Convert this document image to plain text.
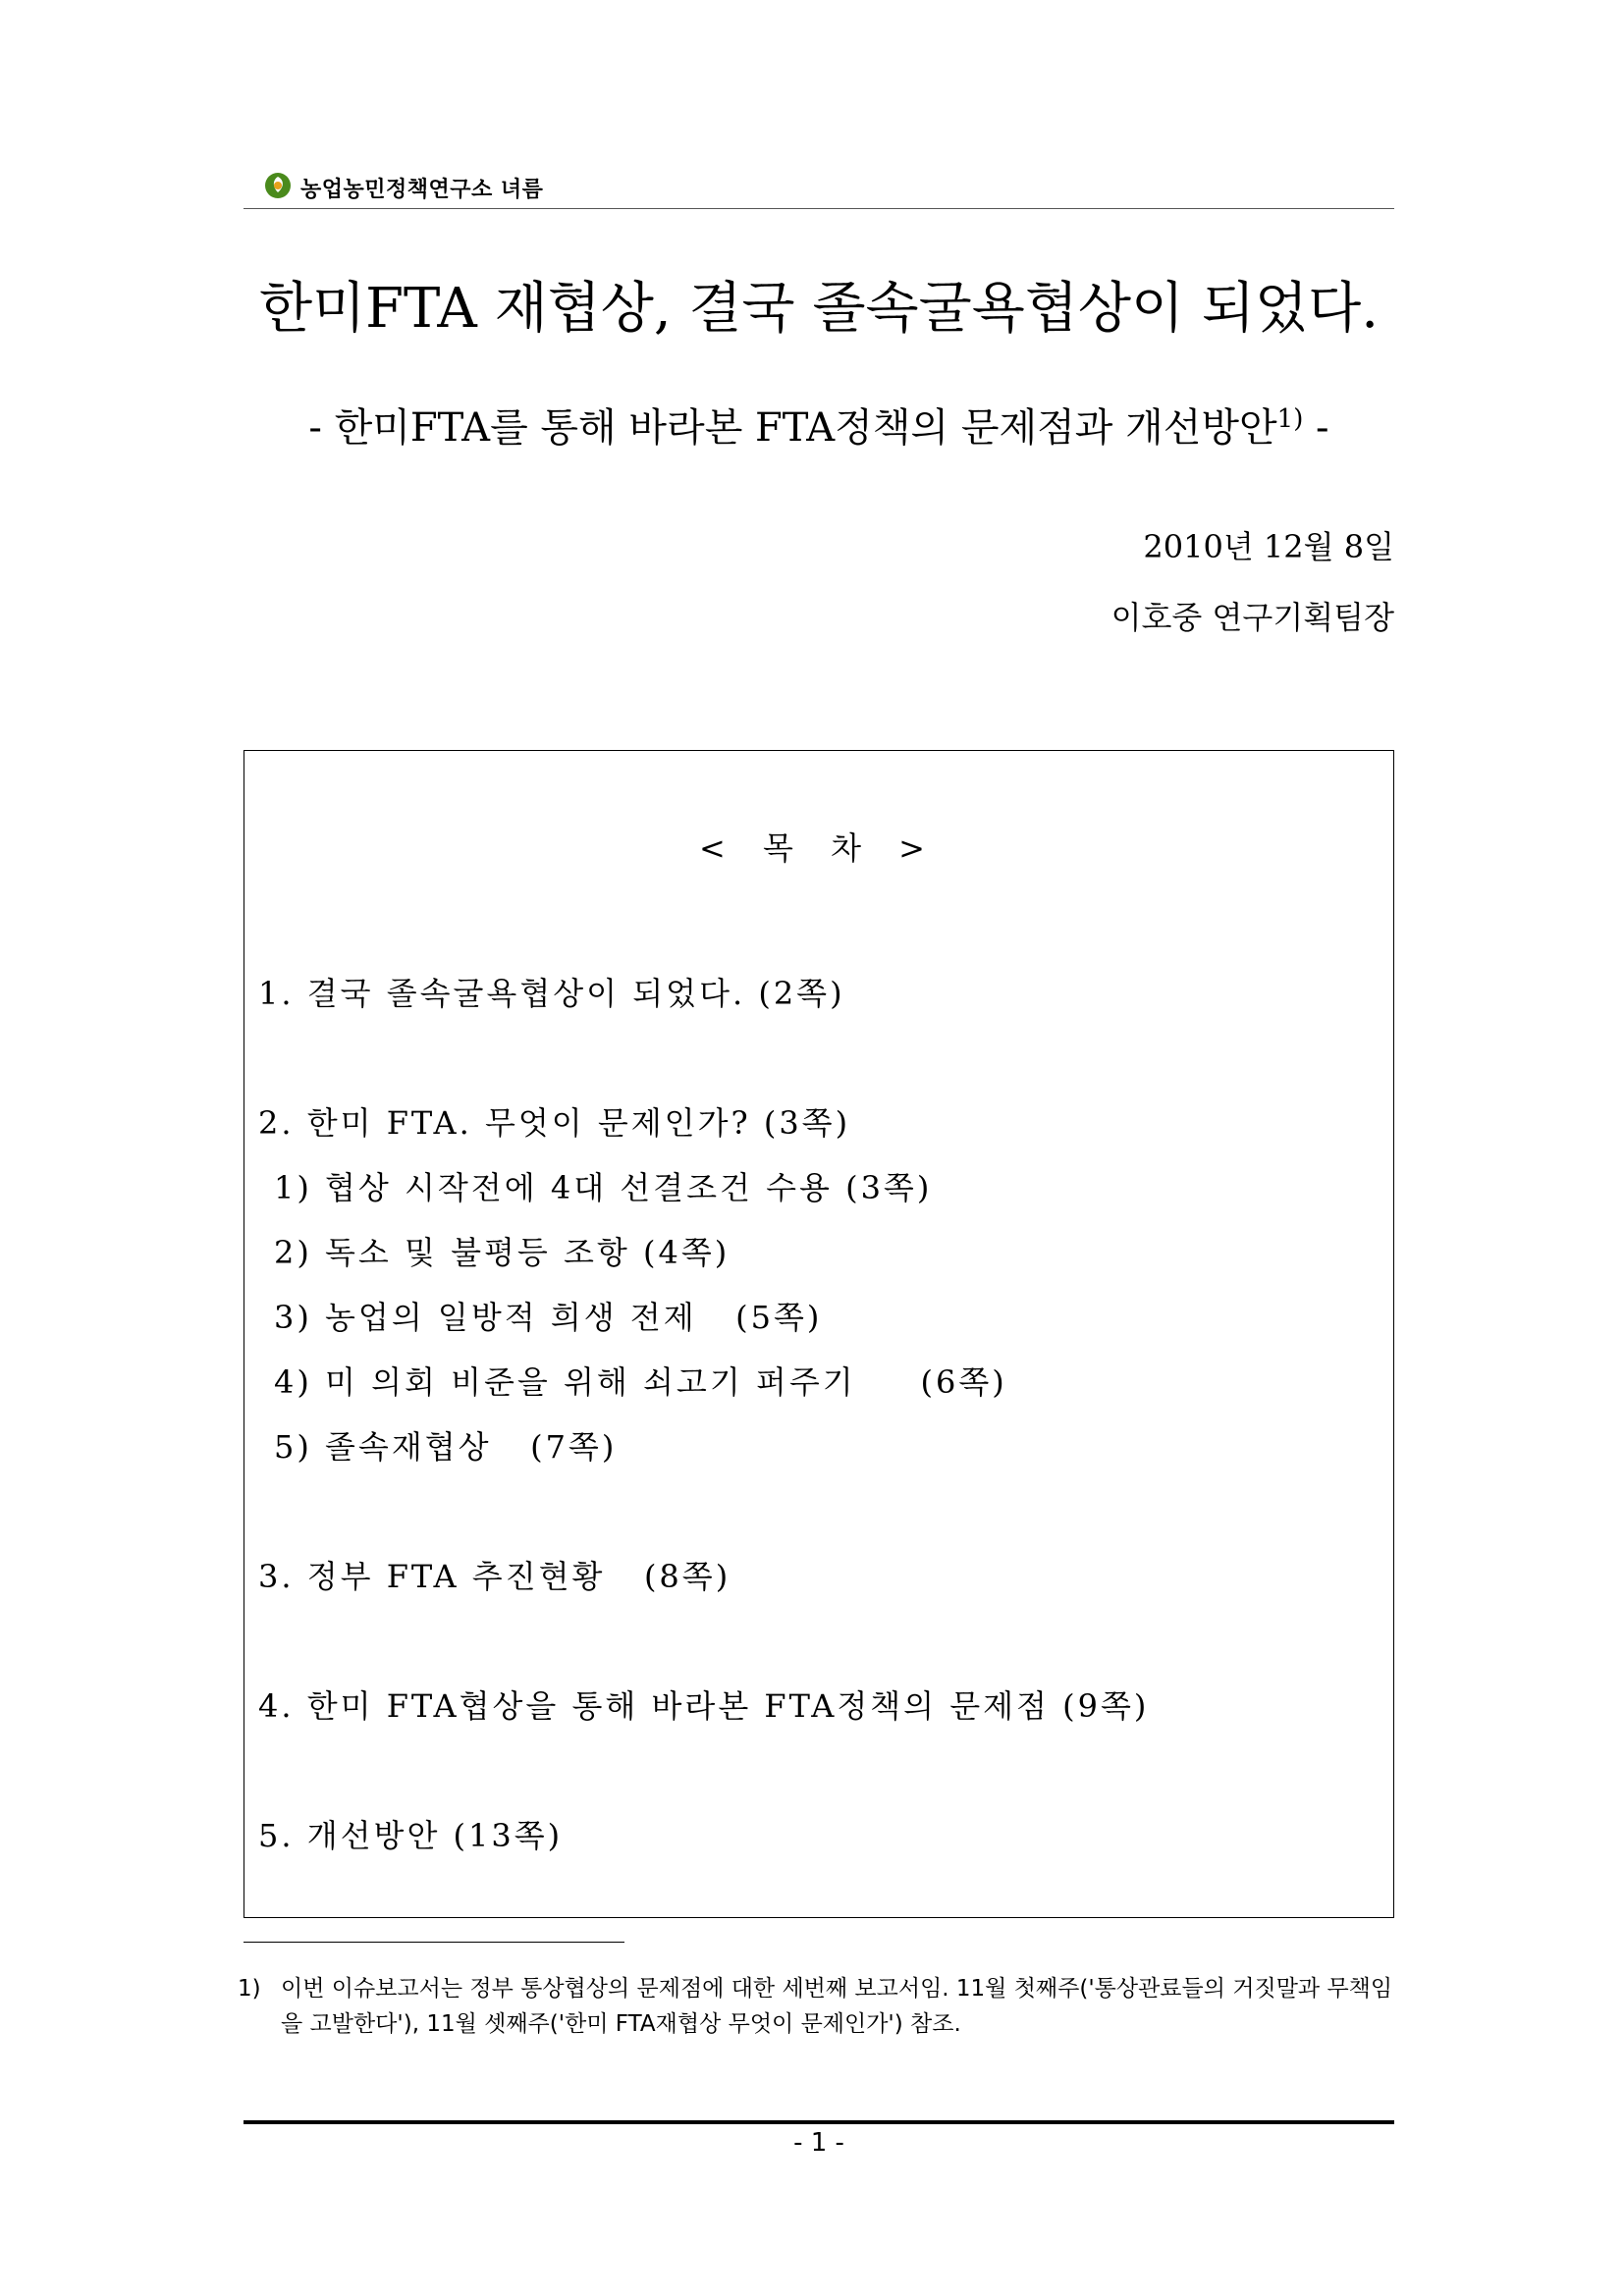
농업농민정책연구소 녀름
한미FTA 재협상, 결국 졸속굴욕협상이 되었다.
- 한미FTA를 통해 바라본 FTA정책의 문제점과 개선방안$^{1)}$ -
2010년 12월 8일
이호중 연구기획팀장
< 목 차 >
1. 결국 졸속굴욕협상이 되었다. (2쪽)
2. 한미 FTA. 무엇이 문제인가? (3쪽)
1) 협상 시작전에 4대 선결조건 수용 (3쪽)
2) 독소 및 불평등 조항 (4쪽)
3) 농업의 일방적 희생 전제   (5쪽)
4) 미 의회 비준을 위해 쇠고기 퍼주기     (6쪽)
5) 졸속재협상   (7쪽)
3. 정부 FTA 추진현황   (8쪽)
4. 한미 FTA협상을 통해 바라본 FTA정책의 문제점 (9쪽)
5. 개선방안 (13쪽)
1) 이번 이슈보고서는 정부 통상협상의 문제점에 대한 세번째 보고서임. 11월 첫째주('통상관료들의 거짓말과 무책임을 고발한다'), 11월 셋째주('한미 FTA재협상 무엇이 문제인가') 참조.
- 1 -
